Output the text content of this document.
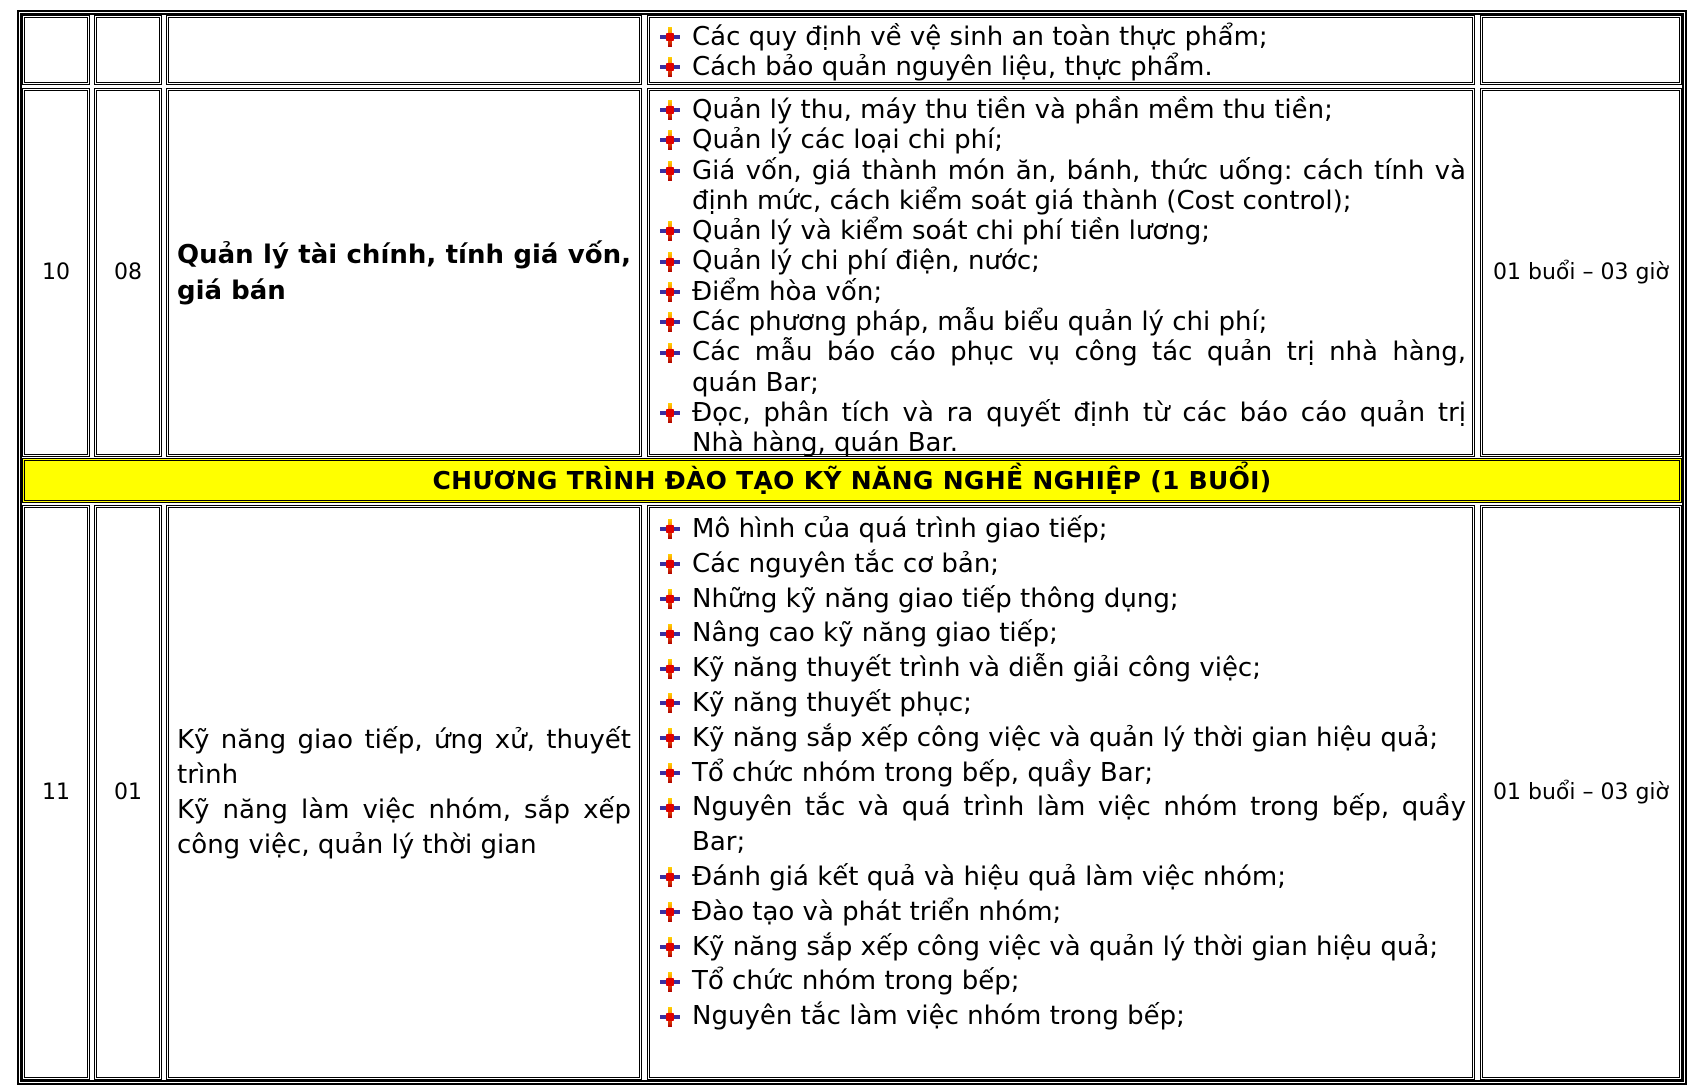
Các quy định về vệ sinh an toàn thực phẩm;
Cách bảo quản nguyên liệu, thực phẩm.
10	08
Quản lý tài chính, tính giá vốn, giá bán
Quản lý thu, máy thu tiền và phần mềm thu tiền;
Quản lý các loại chi phí;
Giá vốn, giá thành món ăn, bánh, thức uống: cách tính và định mức, cách kiểm soát giá thành (Cost control);
Quản lý và kiểm soát chi phí tiền lương;
Quản lý chi phí điện, nước;
Điểm hòa vốn;
Các phương pháp, mẫu biểu quản lý chi phí;
Các mẫu báo cáo phục vụ công tác quản trị nhà hàng, quán Bar;
Đọc, phân tích và ra quyết định từ các báo cáo quản trị Nhà hàng, quán Bar.
01 buổi – 03 giờ
CHƯƠNG TRÌNH ĐÀO TẠO KỸ NĂNG NGHỀ NGHIỆP (1 BUỔI)
11	01
Kỹ năng giao tiếp, ứng xử, thuyết trình
Kỹ năng làm việc nhóm, sắp xếp công việc, quản lý thời gian
Mô hình của quá trình giao tiếp;
Các nguyên tắc cơ bản;
Những kỹ năng giao tiếp thông dụng;
Nâng cao kỹ năng giao tiếp;
Kỹ năng thuyết trình và diễn giải công việc;
Kỹ năng thuyết phục;
Kỹ năng sắp xếp công việc và quản lý thời gian hiệu quả;
Tổ chức nhóm trong bếp, quầy Bar;
Nguyên tắc và quá trình làm việc nhóm trong bếp, quầy Bar;
Đánh giá kết quả và hiệu quả làm việc nhóm;
Đào tạo và phát triển nhóm;
Kỹ năng sắp xếp công việc và quản lý thời gian hiệu quả;
Tổ chức nhóm trong bếp;
Nguyên tắc làm việc nhóm trong bếp;
01 buổi – 03 giờ
